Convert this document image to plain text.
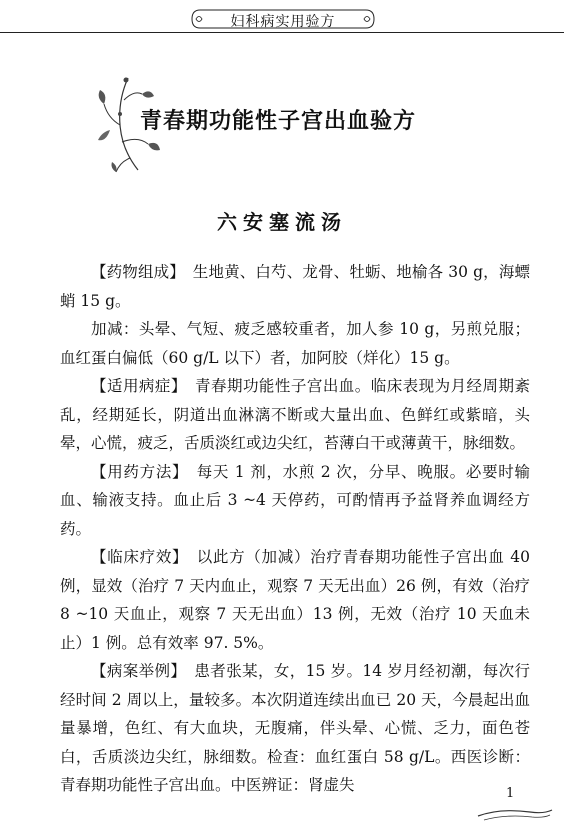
妇科病实用验方
青春期功能性子宫出血验方
六安塞流汤

【药物组成】　生地黄、白芍、龙骨、牡蛎、地榆各 30 g，海螵蛸 15 g。

加减：头晕、气短、疲乏感较重者，加人参 10 g，另煎兑服；血红蛋白偏低（60 g/L 以下）者，加阿胶（烊化）15 g。

【适用病症】　青春期功能性子宫出血。临床表现为月经周期紊乱，经期延长，阴道出血淋漓不断或大量出血、色鲜红或紫暗，头晕，心慌，疲乏，舌质淡红或边尖红，苔薄白干或薄黄干，脉细数。

【用药方法】　每天 1 剂，水煎 2 次，分早、晚服。必要时输血、输液支持。血止后 3 ~4 天停药，可酌情再予益肾养血调经方药。

【临床疗效】　以此方（加减）治疗青春期功能性子宫出血 40 例，显效（治疗 7 天内血止，观察 7 天无出血）26 例，有效（治疗 8 ~10 天血止，观察 7 天无出血）13 例，无效（治疗 10 天血未止）1 例。总有效率 97. 5%。

【病案举例】　患者张某，女，15 岁。14 岁月经初潮，每次行经时间 2 周以上，量较多。本次阴道连续出血已 20 天，今晨起出血量暴增，色红、有大血块，无腹痛，伴头晕、心慌、乏力，面色苍白，舌质淡边尖红，脉细数。检查：血红蛋白 58 g/L。西医诊断：青春期功能性子宫出血。中医辨证：肾虚失	1
